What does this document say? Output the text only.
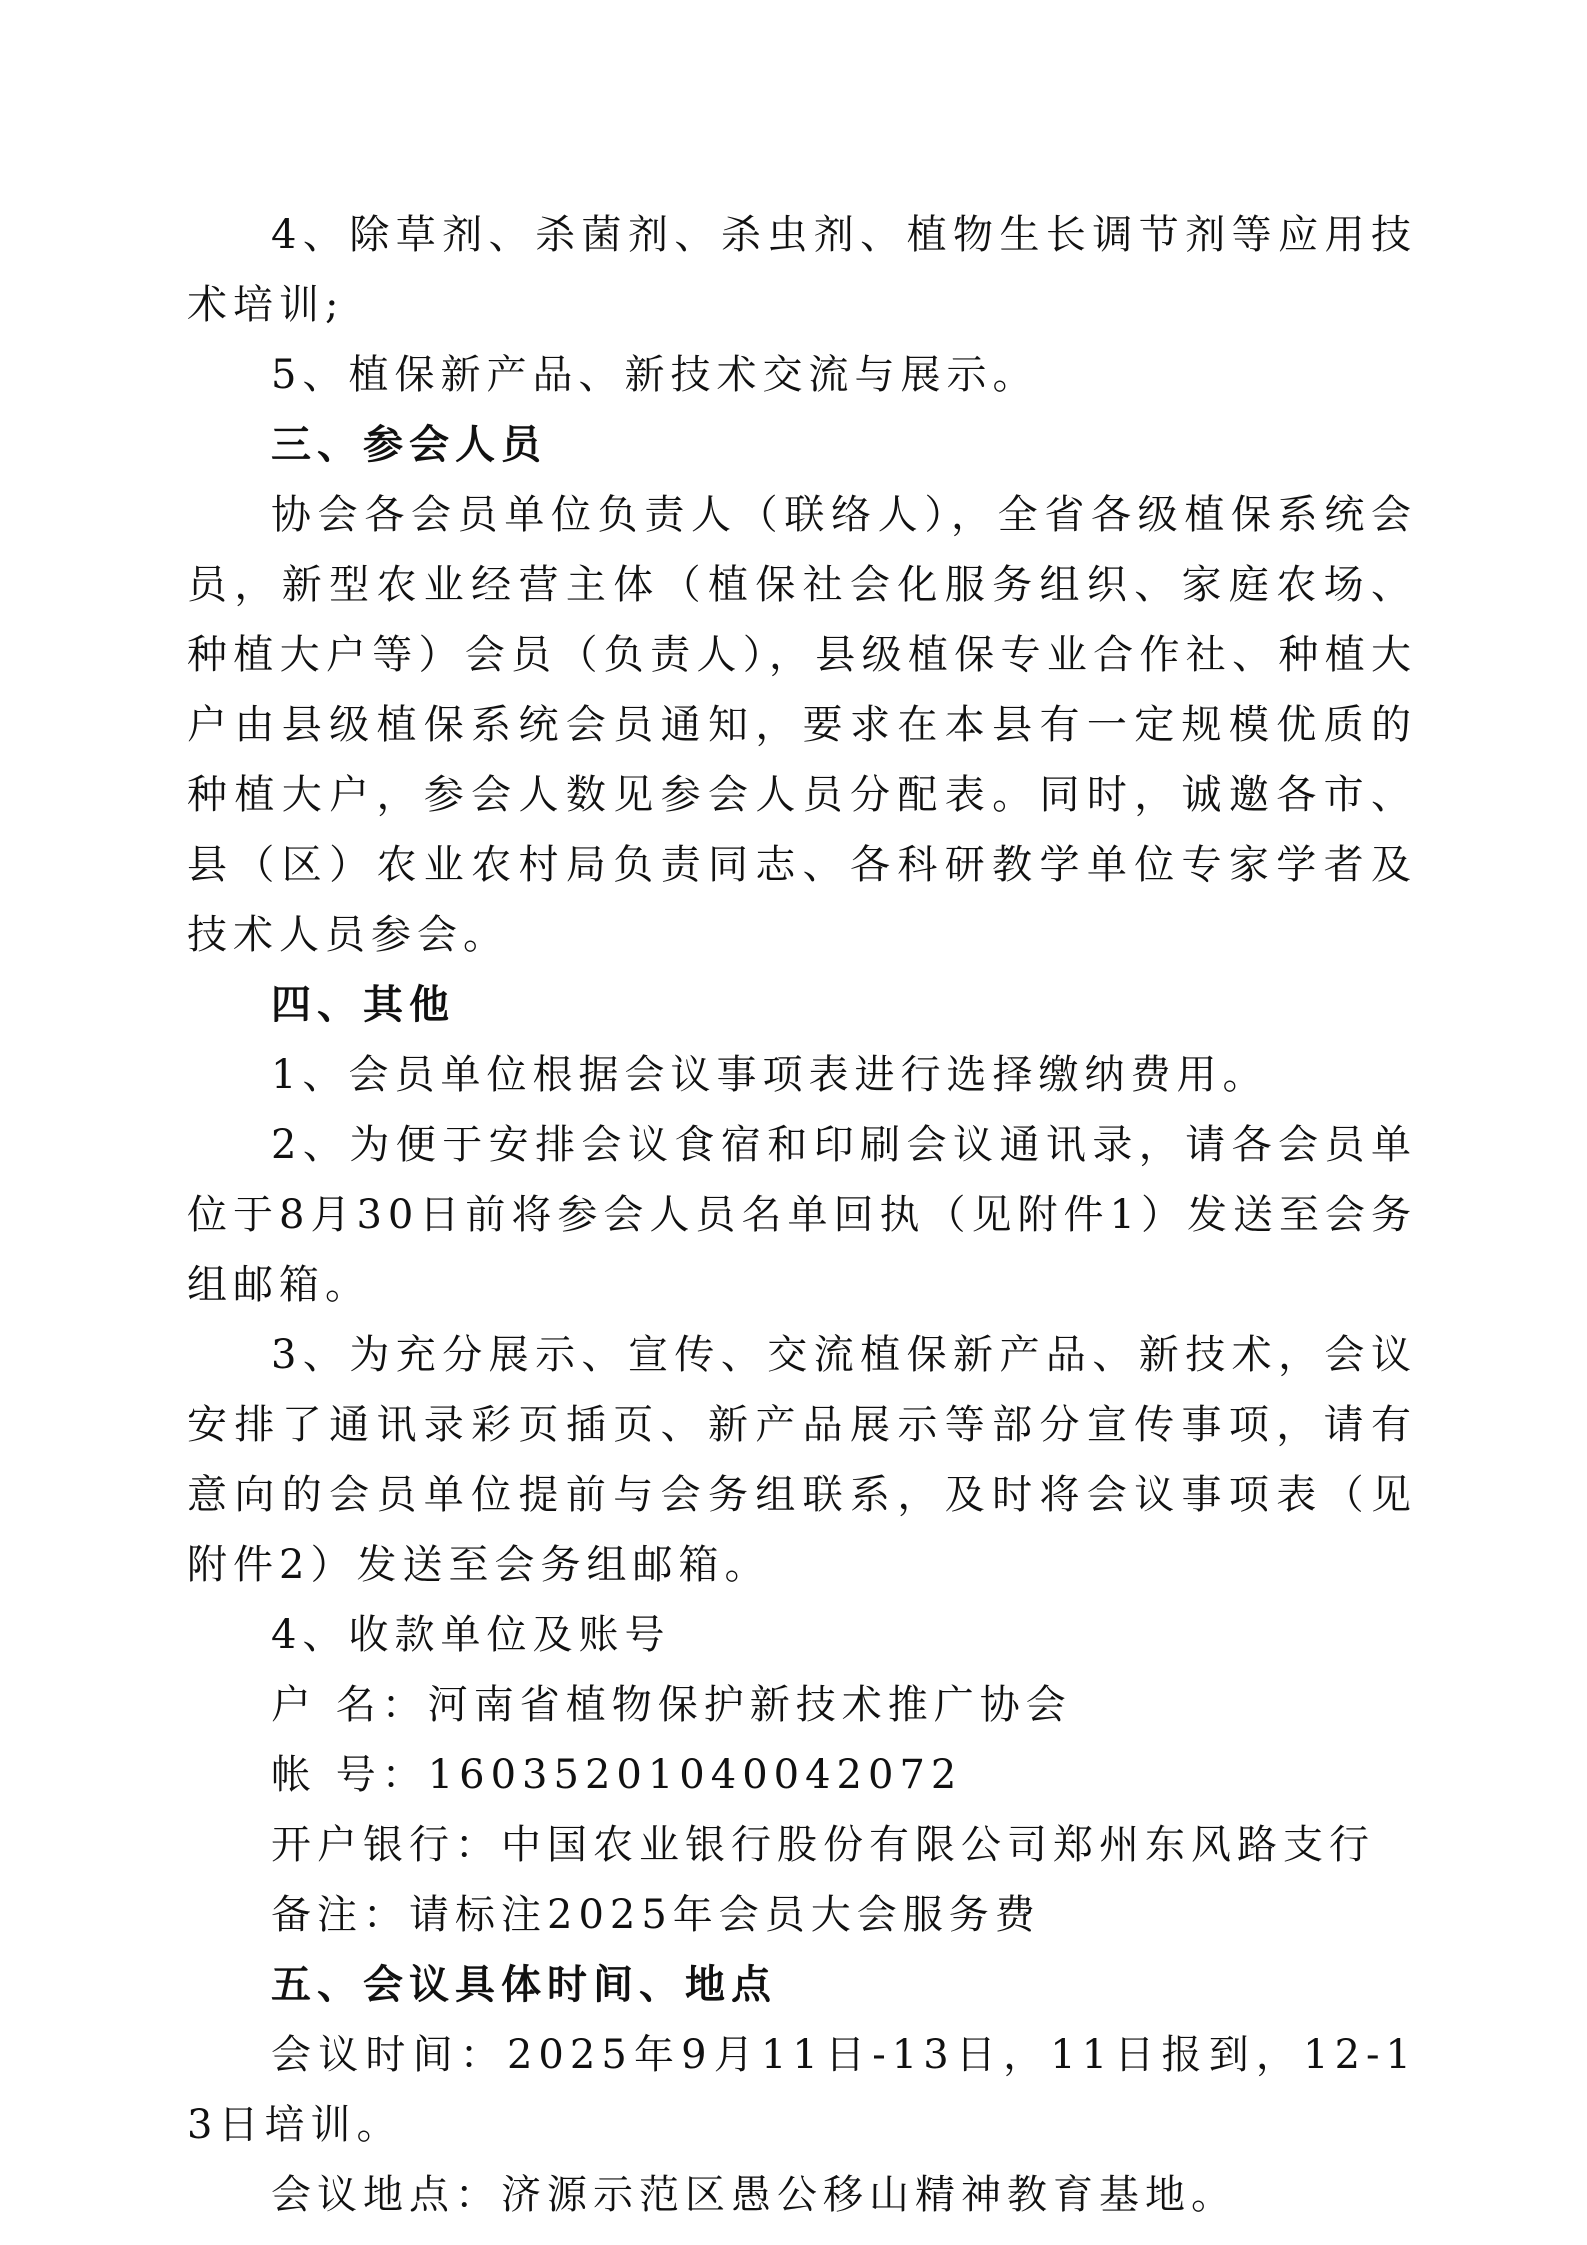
4、除草剂、杀菌剂、杀虫剂、植物生长调节剂等应用技术培训;

5、植保新产品、新技术交流与展示。

三、参会人员

协会各会员单位负责人（联络人），全省各级植保系统会员，新型农业经营主体（植保社会化服务组织、家庭农场、种植大户等）会员（负责人），县级植保专业合作社、种植大户由县级植保系统会员通知，要求在本县有一定规模优质的种植大户，参会人数见参会人员分配表。同时，诚邀各市、县（区）农业农村局负责同志、各科研教学单位专家学者及技术人员参会。

四、其他

1、会员单位根据会议事项表进行选择缴纳费用。

2、为便于安排会议食宿和印刷会议通讯录，请各会员单位于8月30日前将参会人员名单回执（见附件1）发送至会务组邮箱。

3、为充分展示、宣传、交流植保新产品、新技术，会议安排了通讯录彩页插页、新产品展示等部分宣传事项，请有意向的会员单位提前与会务组联系，及时将会议事项表（见附件2）发送至会务组邮箱。

4、收款单位及账号

户 名：河南省植物保护新技术推广协会

帐 号：16035201040042072

开户银行：中国农业银行股份有限公司郑州东风路支行

备注：请标注2025年会员大会服务费

五、会议具体时间、地点

会议时间：2025年9月11日-13日，11日报到，12-13日培训。

会议地点：济源示范区愚公移山精神教育基地。
